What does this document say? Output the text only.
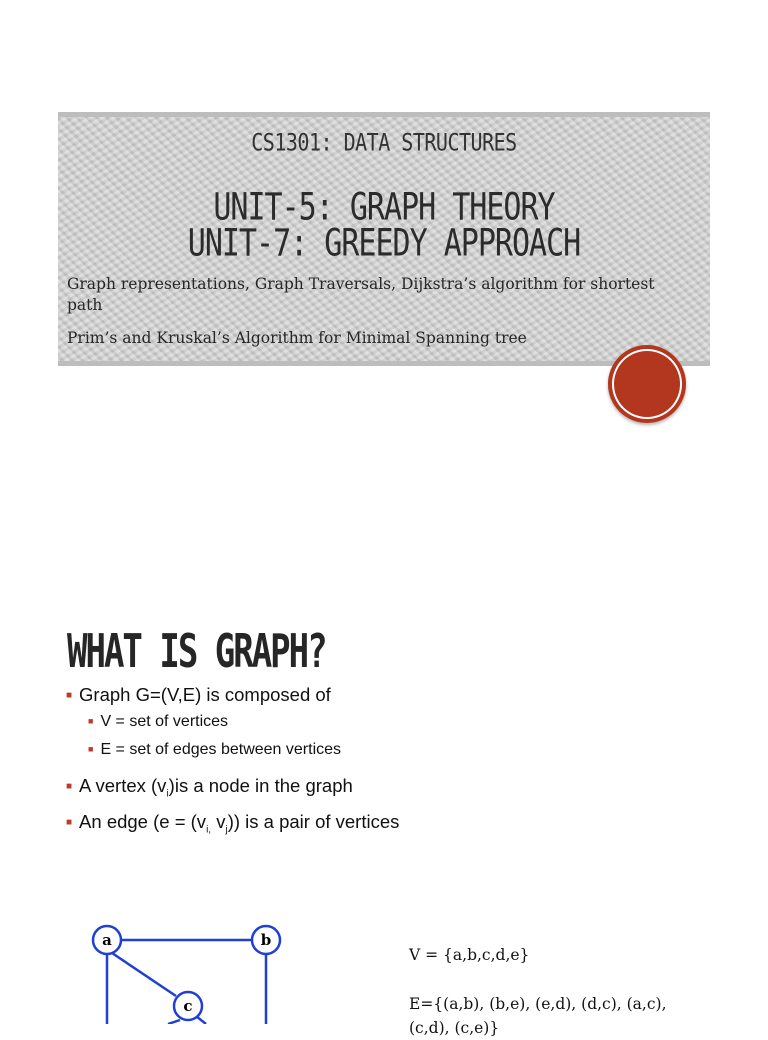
CS1301: DATA STRUCTURES
UNIT-5: GRAPH THEORY
UNIT-7: GREEDY APPROACH
Graph representations, Graph Traversals, Dijkstra’s algorithm for shortest path
Prim’s and Kruskal’s Algorithm for Minimal Spanning tree
WHAT IS GRAPH?
■ Graph G=(V,E) is composed of
■ V = set of vertices
■ E = set of edges between vertices
■ A vertex $(v_i)is$ a node in the graph
■ An edge ($e = (v_{i,}$ $v_j$)) is a pair of vertices
a	b
c
V = {a,b,c,d,e}
E={(a,b), (b,e), (e,d), (d,c), (a,c), (c,d), (c,e)}
